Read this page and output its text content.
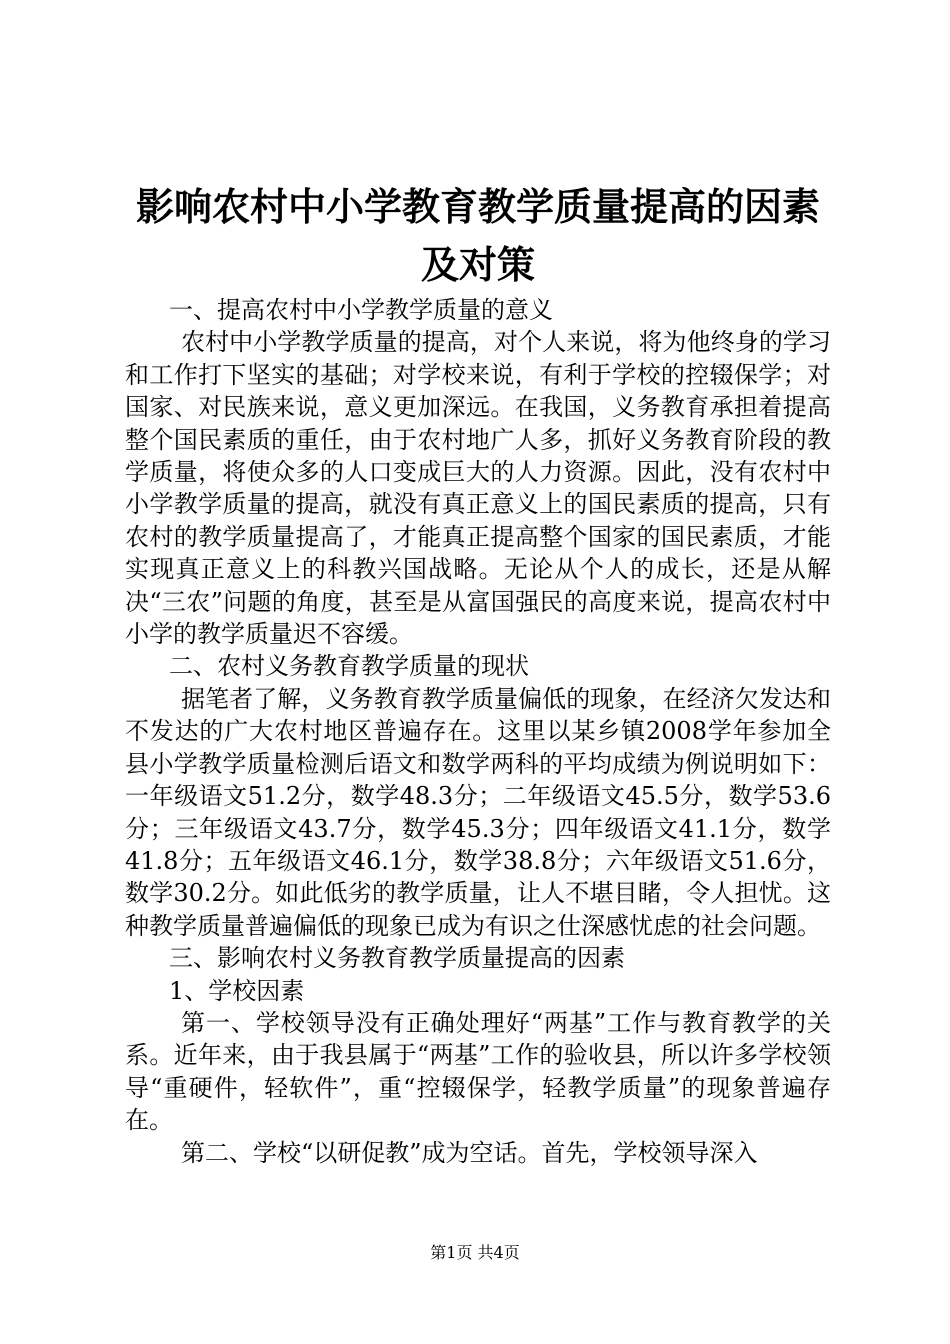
影响农村中小学教育教学质量提高的因素及对策

一、提高农村中小学教学质量的意义

农村中小学教学质量的提高，对个人来说，将为他终身的学习和工作打下坚实的基础；对学校来说，有利于学校的控辍保学；对国家、对民族来说，意义更加深远。在我国，义务教育承担着提高整个国民素质的重任，由于农村地广人多，抓好义务教育阶段的教学质量，将使众多的人口变成巨大的人力资源。因此，没有农村中小学教学质量的提高，就没有真正意义上的国民素质的提高，只有农村的教学质量提高了，才能真正提高整个国家的国民素质，才能实现真正意义上的科教兴国战略。无论从个人的成长，还是从解决“三农”问题的角度，甚至是从富国强民的高度来说，提高农村中小学的教学质量迟不容缓。

二、农村义务教育教学质量的现状

据笔者了解，义务教育教学质量偏低的现象，在经济欠发达和不发达的广大农村地区普遍存在。这里以某乡镇2008学年参加全县小学教学质量检测后语文和数学两科的平均成绩为例说明如下：一年级语文51.2分，数学48.3分；二年级语文45.5分，数学53.6分；三年级语文43.7分，数学45.3分；四年级语文41.1分，数学41.8分；五年级语文46.1分，数学38.8分；六年级语文51.6分，数学30.2分。如此低劣的教学质量，让人不堪目睹，令人担忧。这种教学质量普遍偏低的现象已成为有识之仕深感忧虑的社会问题。

三、影响农村义务教育教学质量提高的因素

1、学校因素

第一、学校领导没有正确处理好“两基”工作与教育教学的关系。近年来，由于我县属于“两基”工作的验收县，所以许多学校领导“重硬件，轻软件”，重“控辍保学，轻教学质量”的现象普遍存在。

第二、学校“以研促教”成为空话。首先，学校领导深入

第1页 共4页
